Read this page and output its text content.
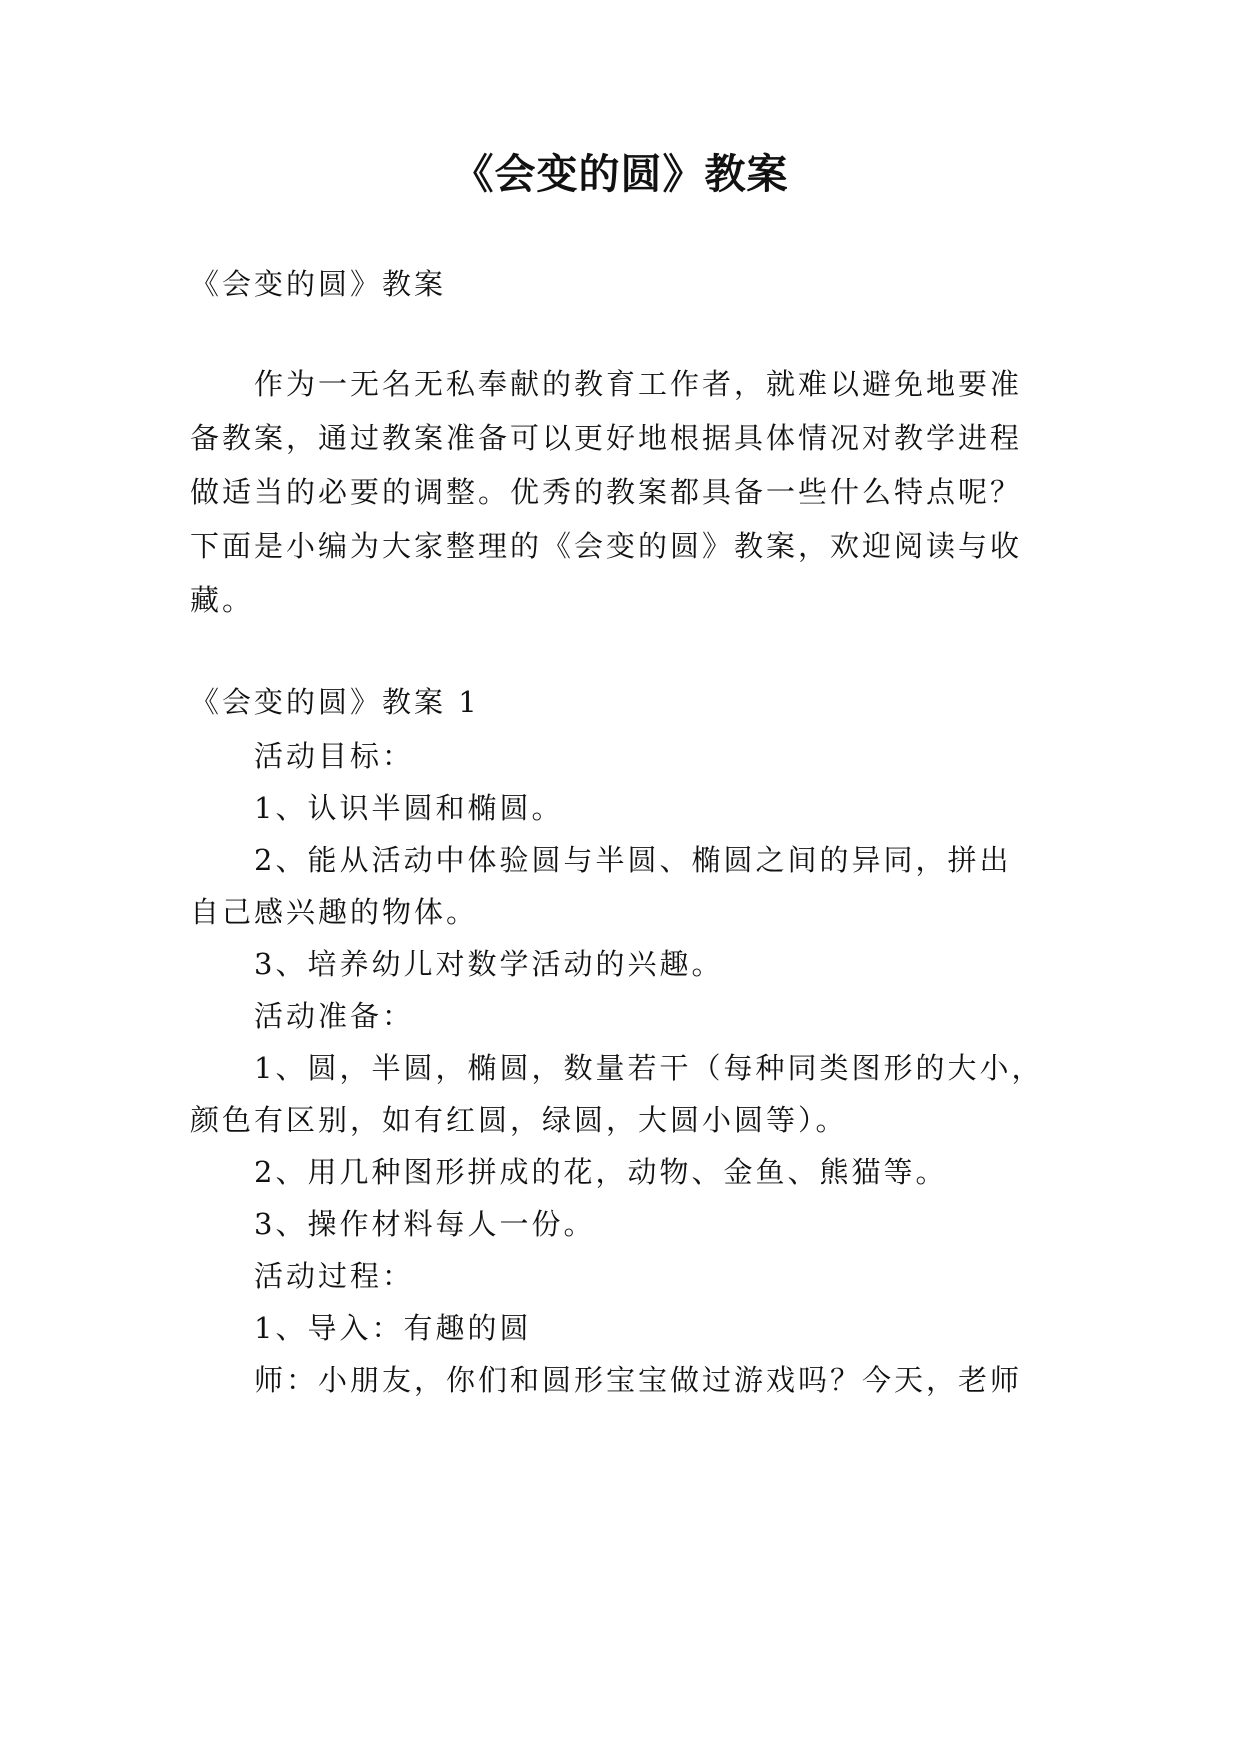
《会变的圆》教案
《会变的圆》教案
作为一无名无私奉献的教育工作者，就难以避免地要准
备教案，通过教案准备可以更好地根据具体情况对教学进程
做适当的必要的调整。优秀的教案都具备一些什么特点呢？
下面是小编为大家整理的《会变的圆》教案，欢迎阅读与收
藏。
《会变的圆》教案 1
活动目标：
1、认识半圆和椭圆。
2、能从活动中体验圆与半圆、椭圆之间的异同，拼出
自己感兴趣的物体。
3、培养幼儿对数学活动的兴趣。
活动准备：
1、圆，半圆，椭圆，数量若干（每种同类图形的大小，
颜色有区别，如有红圆，绿圆，大圆小圆等）。
2、用几种图形拼成的花，动物、金鱼、熊猫等。
3、操作材料每人一份。
活动过程：
1、导入：有趣的圆
师：小朋友，你们和圆形宝宝做过游戏吗？今天，老师
